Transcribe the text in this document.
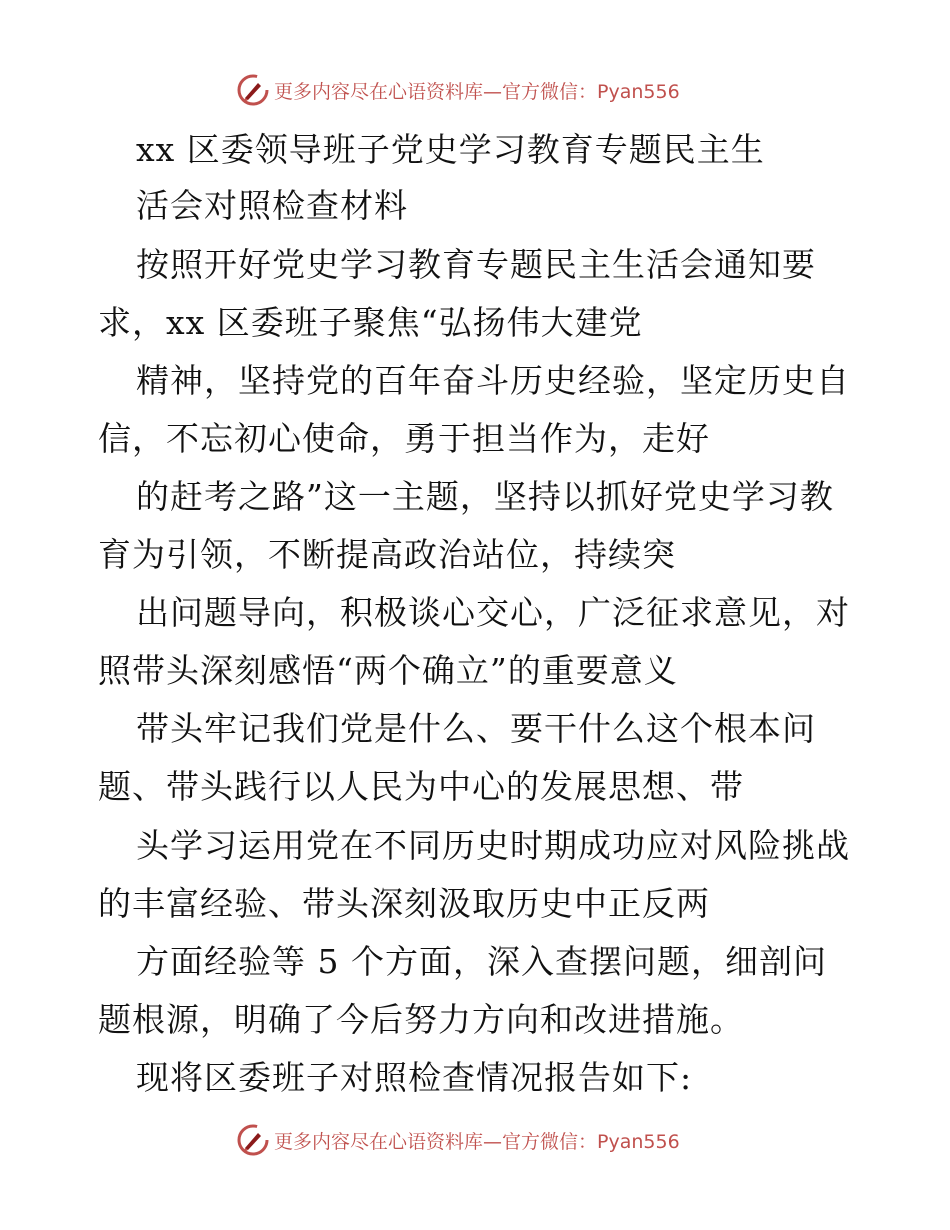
更多内容尽在心语资料库—官方微信：Pyan556
xx 区委领导班子党史学习教育专题民主生
活会对照检查材料
按照开好党史学习教育专题民主生活会通知要
求，xx 区委班子聚焦“弘扬伟大建党
精神，坚持党的百年奋斗历史经验，坚定历史自
信，不忘初心使命，勇于担当作为，走好
的赶考之路”这一主题，坚持以抓好党史学习教
育为引领，不断提高政治站位，持续突
出问题导向，积极谈心交心，广泛征求意见，对
照带头深刻感悟“两个确立”的重要意义
带头牢记我们党是什么、要干什么这个根本问
题、带头践行以人民为中心的发展思想、带
头学习运用党在不同历史时期成功应对风险挑战
的丰富经验、带头深刻汲取历史中正反两
方面经验等 5 个方面，深入查摆问题，细剖问
题根源，明确了今后努力方向和改进措施。
现将区委班子对照检查情况报告如下:
更多内容尽在心语资料库—官方微信：Pyan556
